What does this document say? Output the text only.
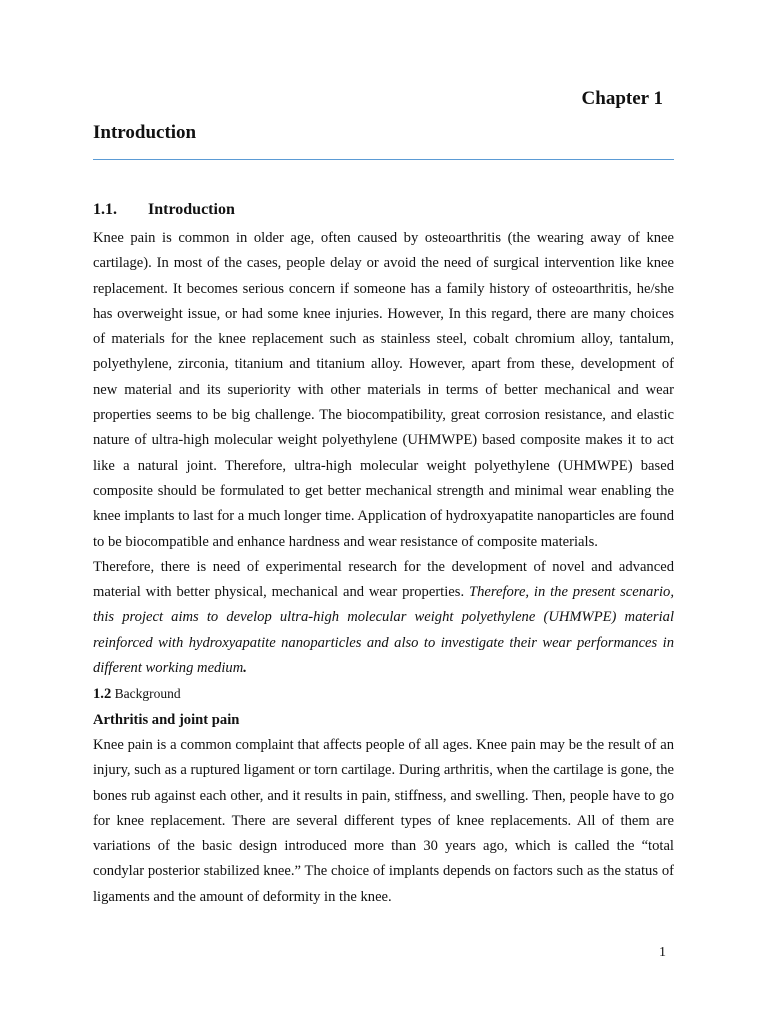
Chapter 1
Introduction
1.1. Introduction

Knee pain is common in older age, often caused by osteoarthritis (the wearing away of knee cartilage). In most of the cases, people delay or avoid the need of surgical intervention like knee replacement. It becomes serious concern if someone has a family history of osteoarthritis, he/she has overweight issue, or had some knee injuries. However, In this regard, there are many choices of materials for the knee replacement such as stainless steel, cobalt chromium alloy, tantalum, polyethylene, zirconia, titanium and titanium alloy. However, apart from these, development of new material and its superiority with other materials in terms of better mechanical and wear properties seems to be big challenge. The biocompatibility, great corrosion resistance, and elastic nature of ultra-high molecular weight polyethylene (UHMWPE) based composite makes it to act like a natural joint. Therefore, ultra-high molecular weight polyethylene (UHMWPE) based composite should be formulated to get better mechanical strength and minimal wear enabling the knee implants to last for a much longer time. Application of hydroxyapatite nanoparticles are found to be biocompatible and enhance hardness and wear resistance of composite materials.

Therefore, there is need of experimental research for the development of novel and advanced material with better physical, mechanical and wear properties. Therefore, in the present scenario, this project aims to develop ultra-high molecular weight polyethylene (UHMWPE) material reinforced with hydroxyapatite nanoparticles and also to investigate their wear performances in different working medium.

1.2 Background

Arthritis and joint pain

Knee pain is a common complaint that affects people of all ages. Knee pain may be the result of an injury, such as a ruptured ligament or torn cartilage. During arthritis, when the cartilage is gone, the bones rub against each other, and it results in pain, stiffness, and swelling. Then, people have to go for knee replacement. There are several different types of knee replacements. All of them are variations of the basic design introduced more than 30 years ago, which is called the “total condylar posterior stabilized knee.” The choice of implants depends on factors such as the status of ligaments and the amount of deformity in the knee.

1
